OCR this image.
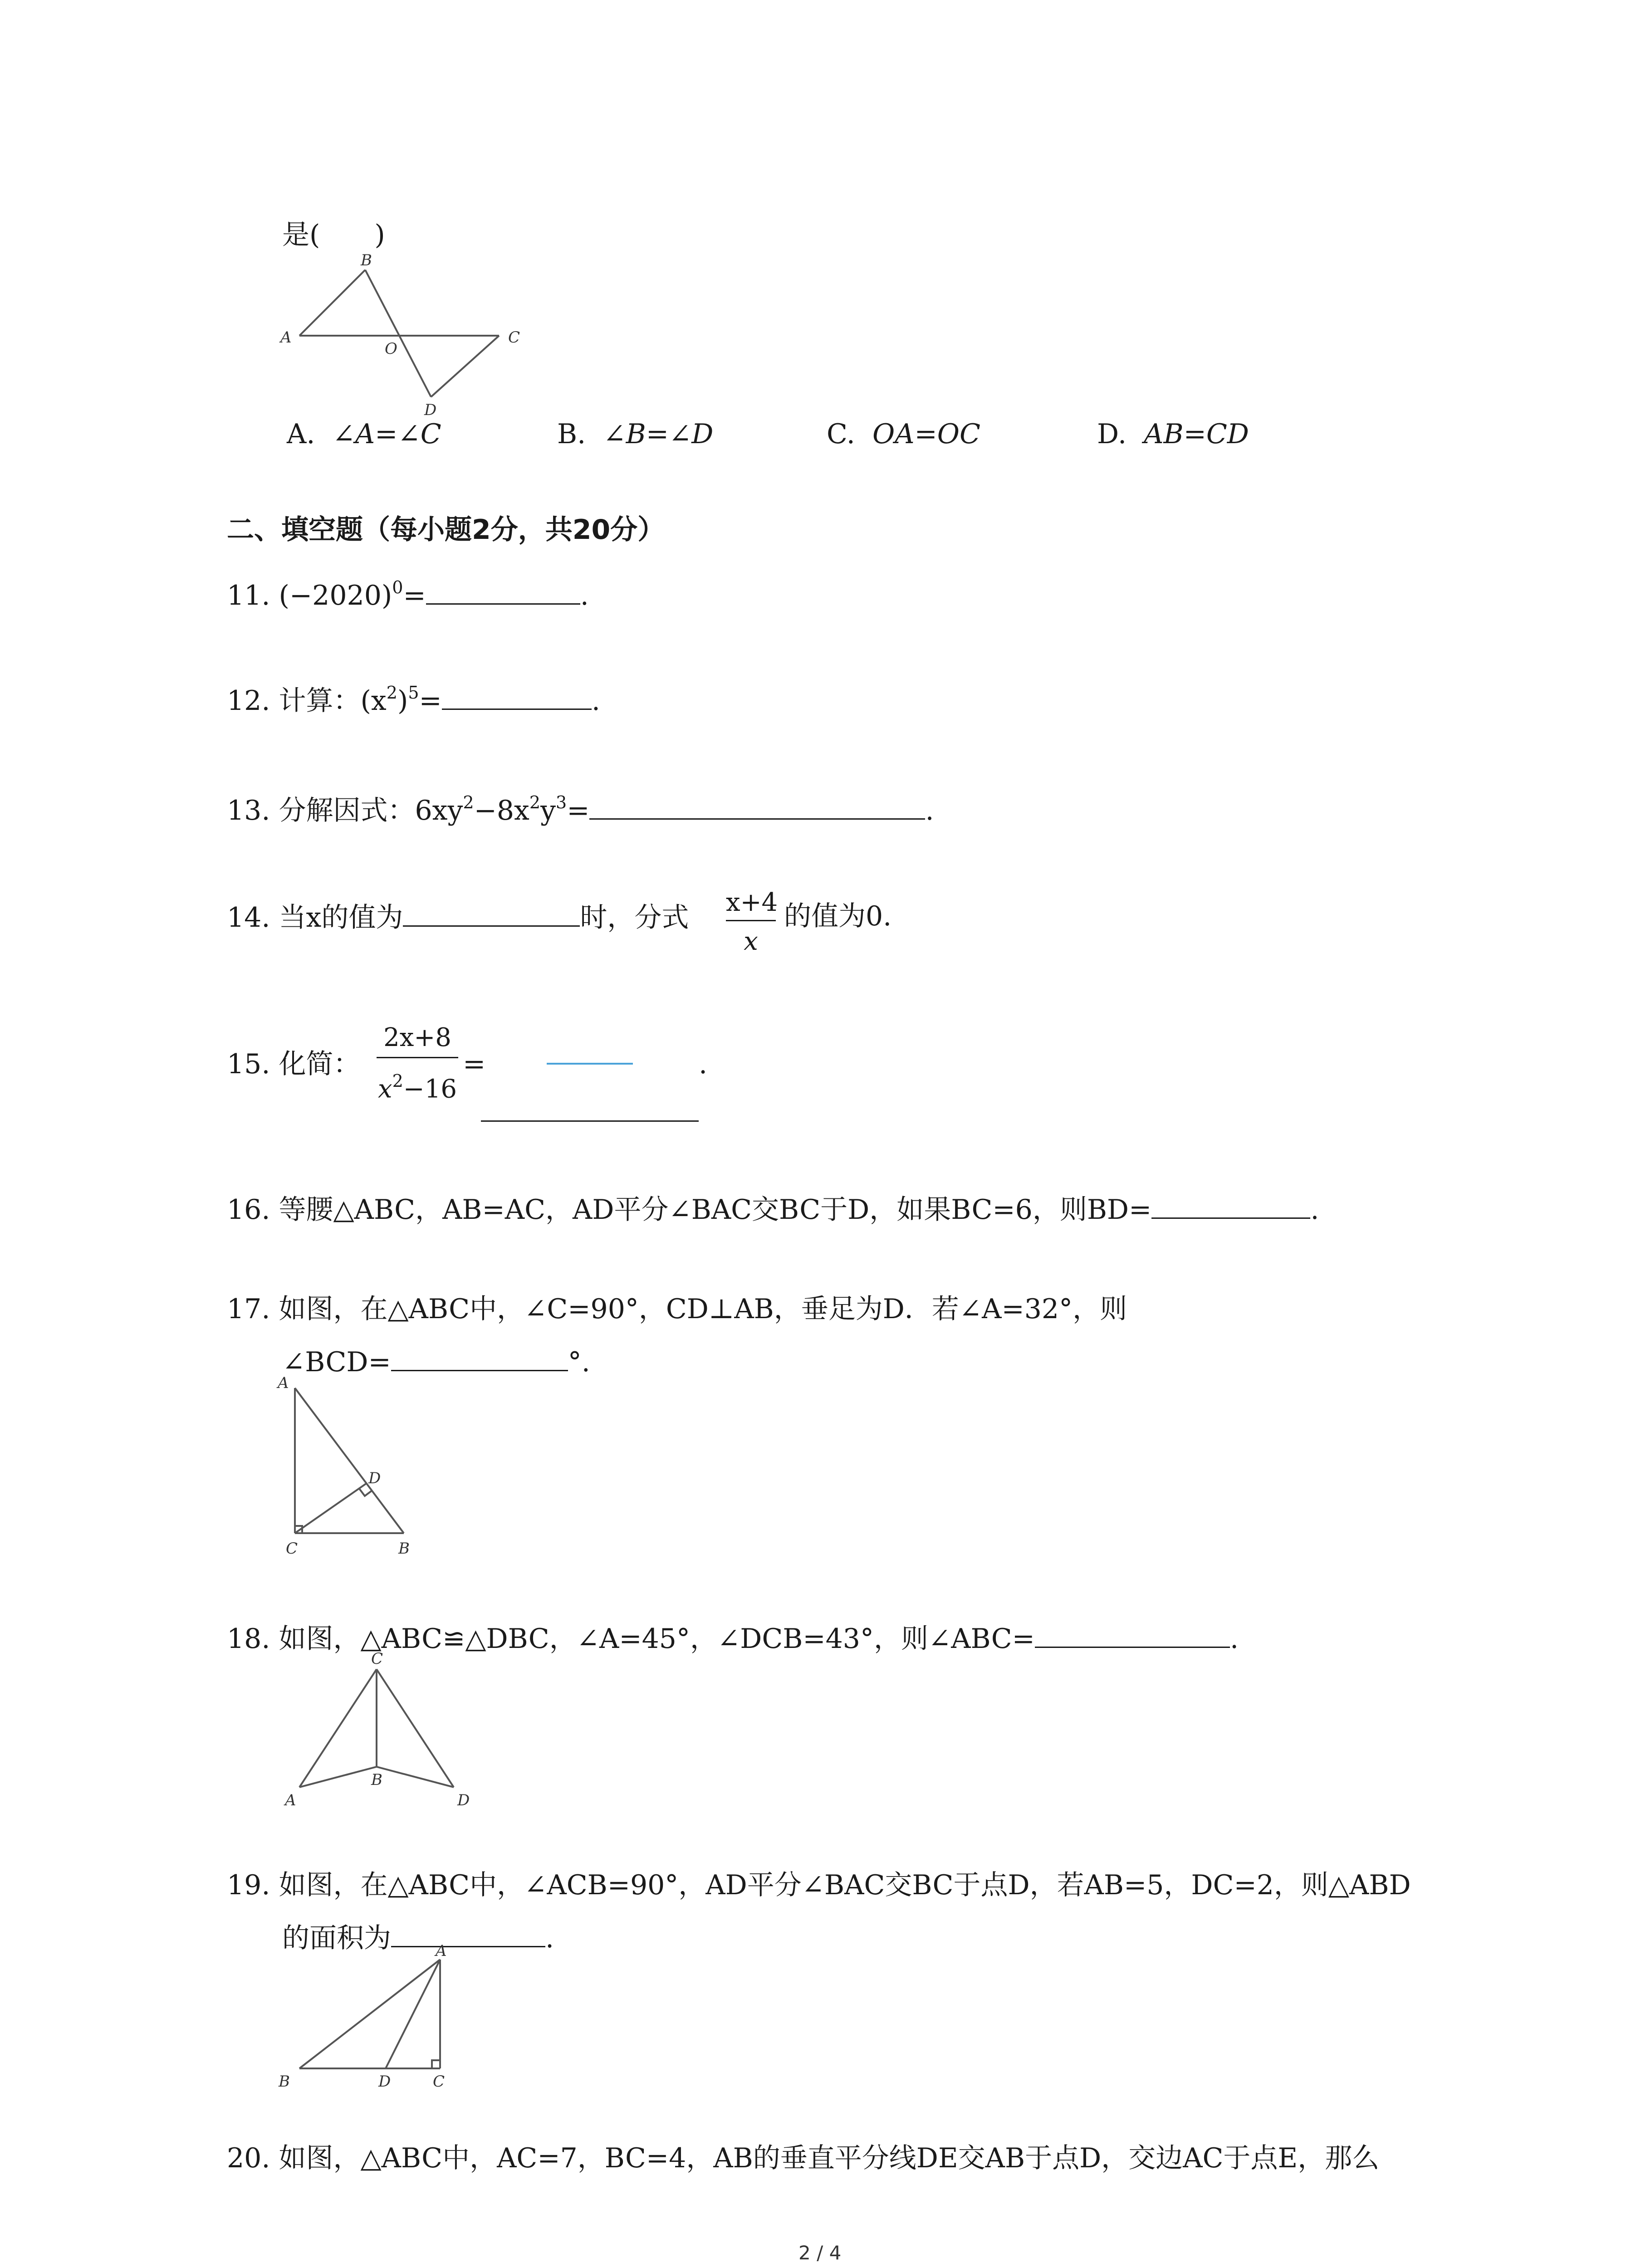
是(　　)
B
A
O
C
D
A. ∠A=∠C	B. ∠B=∠D	C. OA=OC	D. AB=CD
二、填空题（每小题2分，共20分）
11. $(-2020)^0=$	.
12. 计算：$(x^2)^5=$	.
13. 分解因式：$6xy^2-8x^2y^3=$	.
14. 当x的值为	时，分式 x+4
x
的值为0.
15. 化简：
2x+8
$x^2-16$
=	.
16. 等腰△ABC，AB=AC，AD平分∠BAC交BC于D，如果BC=6，则BD=	.
17. 如图，在△ABC中，∠C=90°，CD⊥AB，垂足为D．若∠A=32°，则
∠BCD=	°.
A
D
C	B
18. 如图，△ABC≌△DBC，∠A=45°，∠DCB=43°，则∠ABC=	.
C
B
A	D
19. 如图，在△ABC中，∠ACB=90°，AD平分∠BAC交BC于点D，若AB=5，DC=2，则△ABD
的面积为	.
A
B	D	C
20. 如图，△ABC中，AC=7，BC=4，AB的垂直平分线DE交AB于点D，交边AC于点E，那么
2 / 4
